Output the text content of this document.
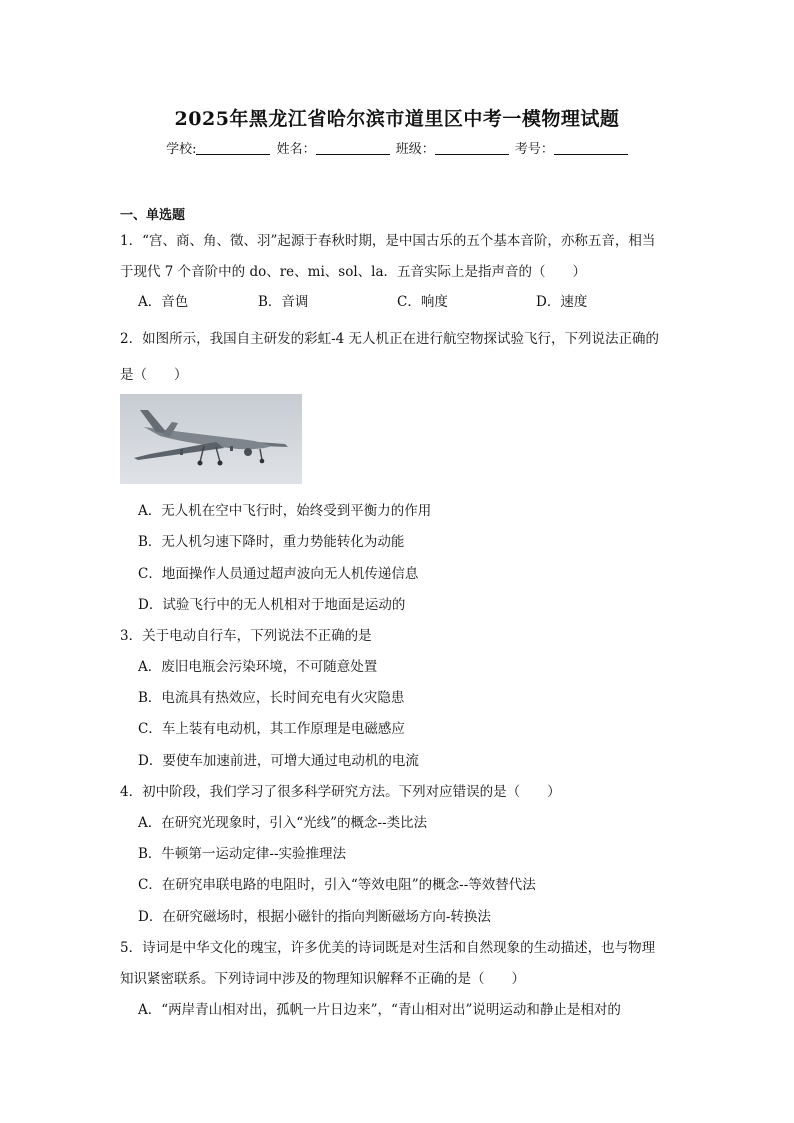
2025年黑龙江省哈尔滨市道里区中考一模物理试题
学校:	姓名：	班级：	考号：
一、单选题
1．“宫、商、角、徵、羽”起源于春秋时期，是中国古乐的五个基本音阶，亦称五音，相当
于现代 7 个音阶中的 do、re、mi、sol、la．五音实际上是指声音的（　　）
A．音色	B．音调	C．响度	D．速度
2．如图所示，我国自主研发的彩虹-4 无人机正在进行航空物探试验飞行，下列说法正确的
是（　　）
A．无人机在空中飞行时，始终受到平衡力的作用
B．无人机匀速下降时，重力势能转化为动能
C．地面操作人员通过超声波向无人机传递信息
D．试验飞行中的无人机相对于地面是运动的
3．关于电动自行车，下列说法不正确的是
A．废旧电瓶会污染环境，不可随意处置
B．电流具有热效应，长时间充电有火灾隐患
C．车上装有电动机，其工作原理是电磁感应
D．要使车加速前进，可增大通过电动机的电流
4．初中阶段，我们学习了很多科学研究方法。下列对应错误的是（　　）
A．在研究光现象时，引入“光线”的概念--类比法
B．牛顿第一运动定律--实验推理法
C．在研究串联电路的电阻时，引入“等效电阻”的概念--等效替代法
D．在研究磁场时，根据小磁针的指向判断磁场方向-转换法
5．诗词是中华文化的瑰宝，许多优美的诗词既是对生活和自然现象的生动描述，也与物理
知识紧密联系。下列诗词中涉及的物理知识解释不正确的是（　　）
A．“两岸青山相对出，孤帆一片日边来”，“青山相对出”说明运动和静止是相对的
